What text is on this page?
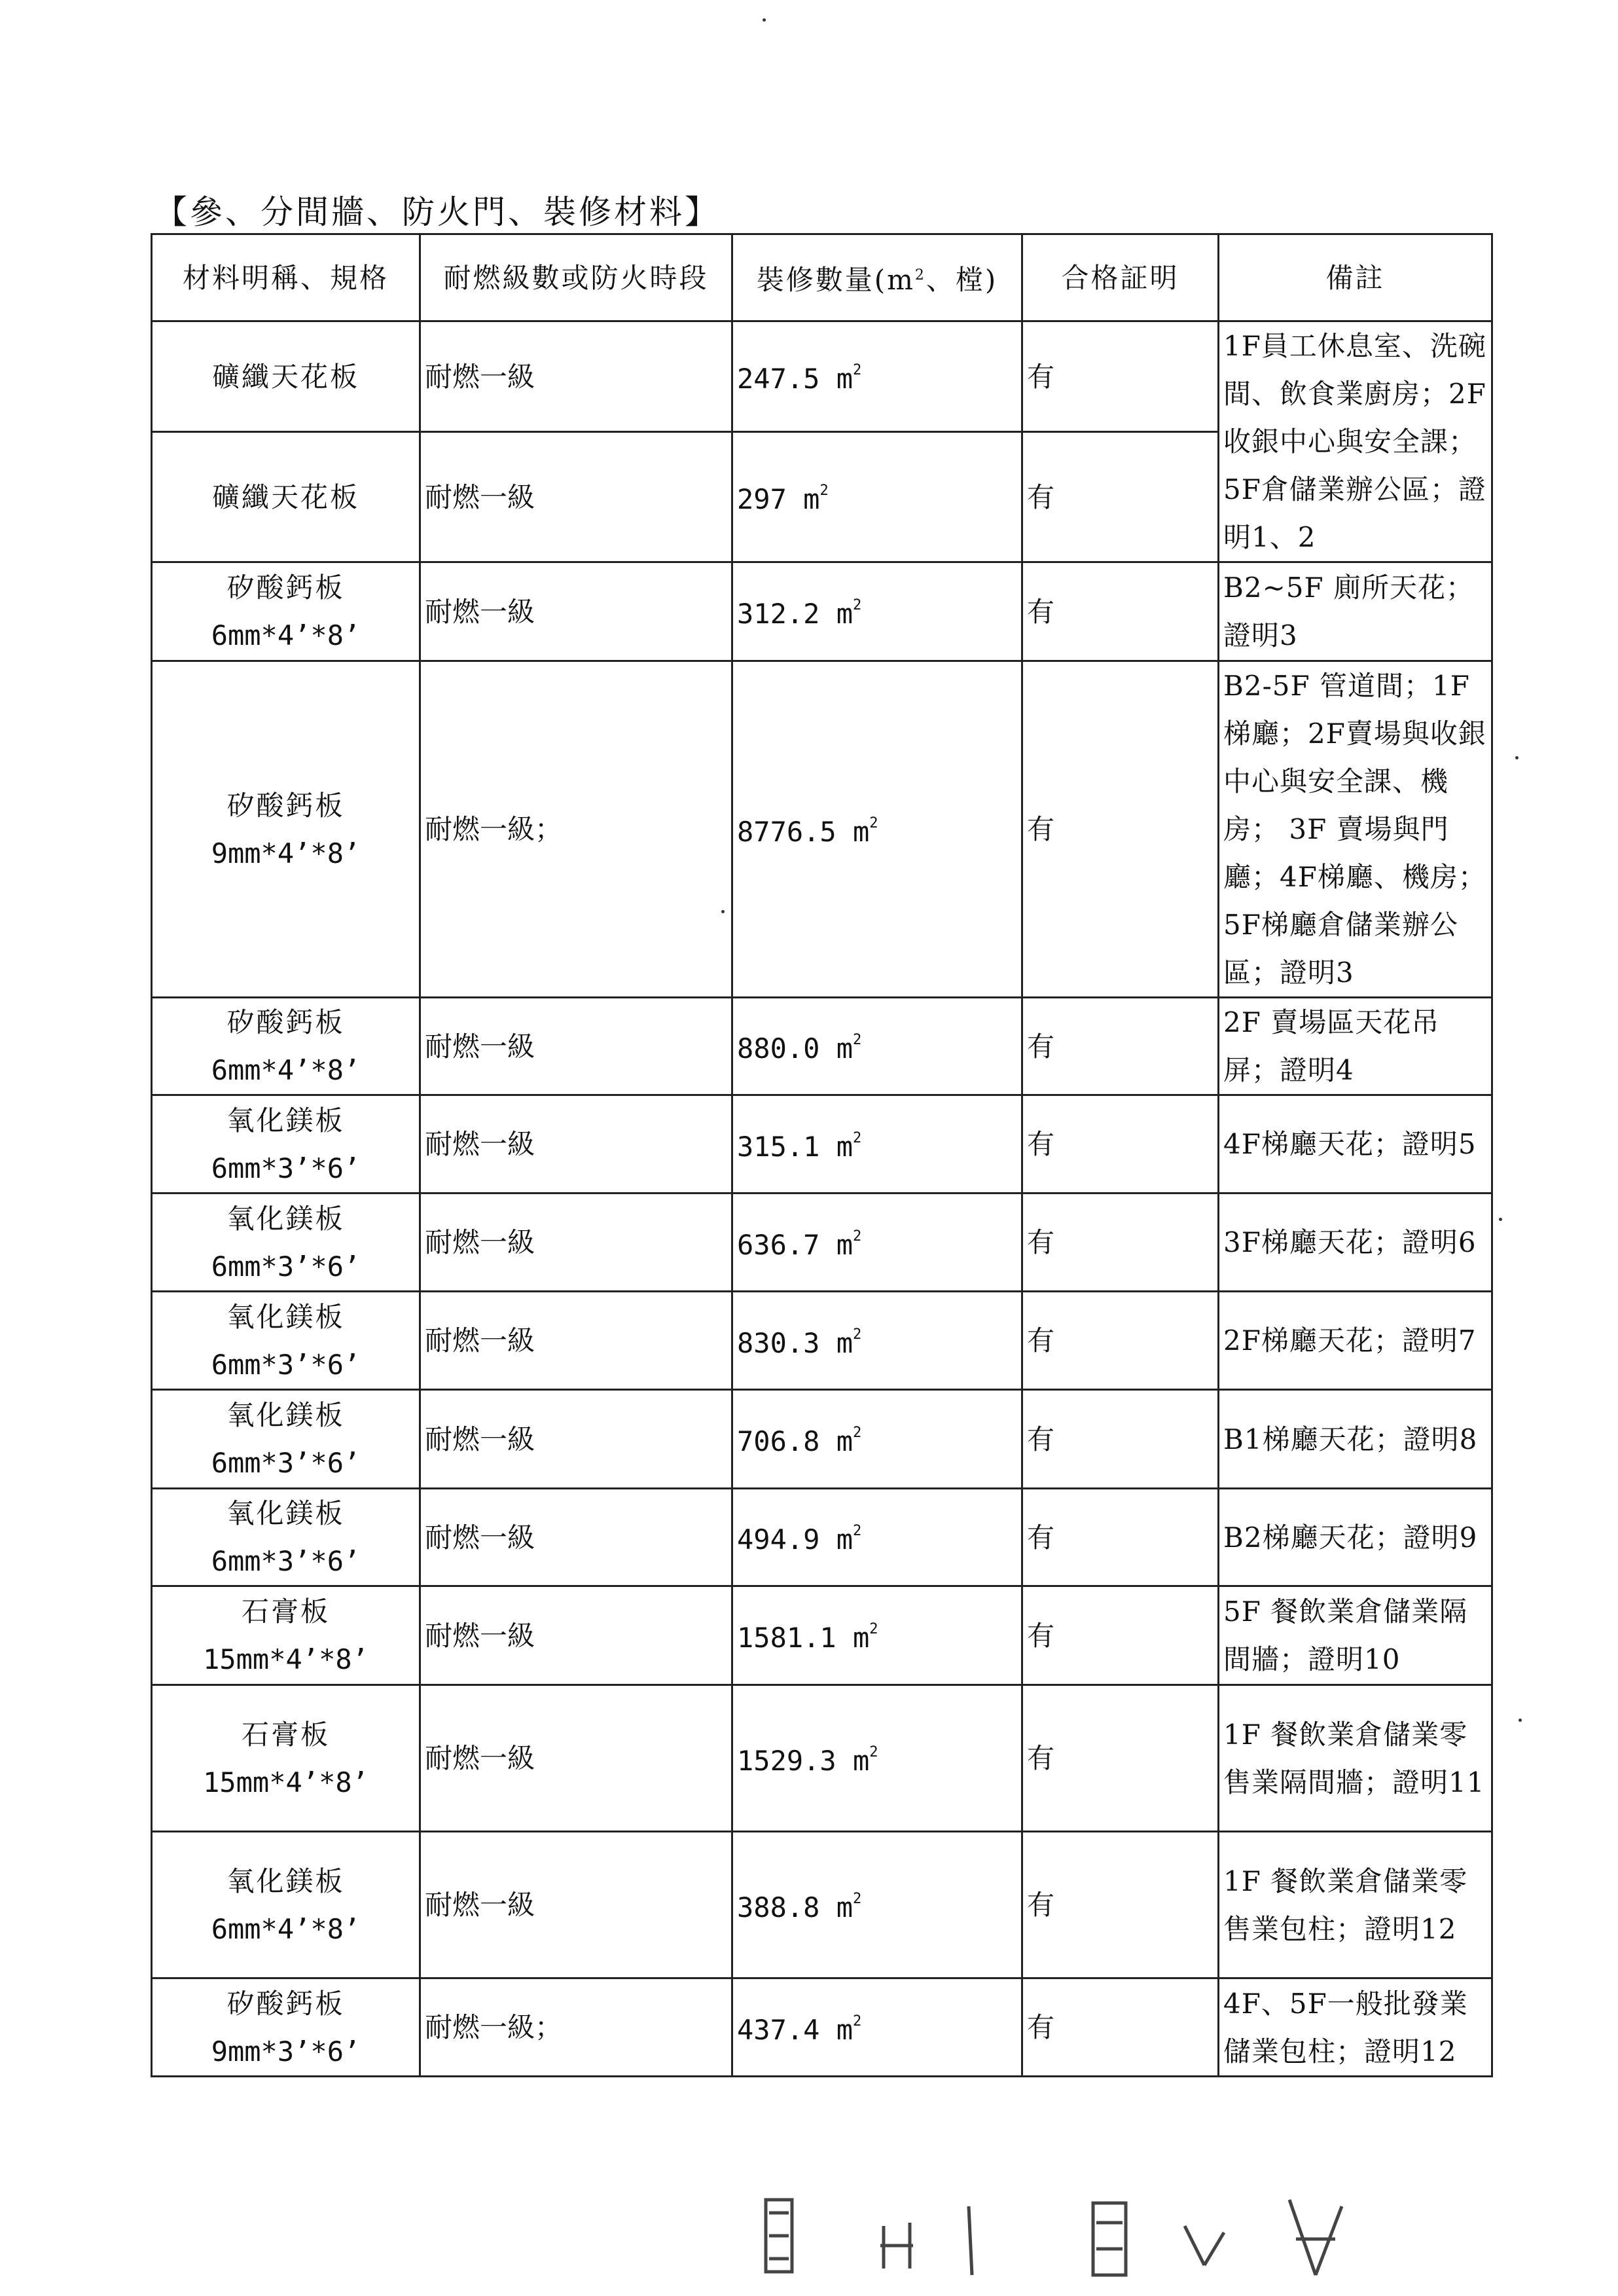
【參、分間牆、防火門、裝修材料】
材料明稱、規格	耐燃級數或防火時段	裝修數量($m^2$、樘)	合格証明	備註

礦纖天花板	耐燃一級	247.5 $m^2$	有	1F員工休息室、洗碗間、飲食業廚房；2F收銀中心與安全課；5F倉儲業辦公區；證明1、2

礦纖天花板	耐燃一級	297 $m^2$	有	

矽酸鈣板
6mm*4’*8’	耐燃一級	312.2 $m^2$	有	B2~5F 廁所天花；證明3

矽酸鈣板
9mm*4’*8’	耐燃一級；	8776.5 $m^2$	有	B2-5F 管道間；1F梯廳；2F賣場與收銀中心與安全課、機房； 3F 賣場與門廳；4F梯廳、機房；5F梯廳倉儲業辦公區；證明3

矽酸鈣板
6mm*4’*8’	耐燃一級	880.0 $m^2$	有	2F 賣場區天花吊屏；證明4

氧化鎂板
6mm*3’*6’	耐燃一級	315.1 $m^2$	有	4F梯廳天花；證明5

氧化鎂板
6mm*3’*6’	耐燃一級	636.7 $m^2$	有	3F梯廳天花；證明6

氧化鎂板
6mm*3’*6’	耐燃一級	830.3 $m^2$	有	2F梯廳天花；證明7

氧化鎂板
6mm*3’*6’	耐燃一級	706.8 $m^2$	有	B1梯廳天花；證明8

氧化鎂板
6mm*3’*6’	耐燃一級	494.9 $m^2$	有	B2梯廳天花；證明9

石膏板
15mm*4’*8’	耐燃一級	1581.1 $m^2$	有	5F 餐飲業倉儲業隔間牆；證明10

石膏板
15mm*4’*8’	耐燃一級	1529.3 $m^2$	有	1F 餐飲業倉儲業零售業隔間牆；證明11

氧化鎂板
6mm*4’*8’	耐燃一級	388.8 $m^2$	有	1F 餐飲業倉儲業零售業包柱；證明12

矽酸鈣板
9mm*3’*6’	耐燃一級；	437.4 $m^2$	有	4F、5F一般批發業儲業包柱；證明12
